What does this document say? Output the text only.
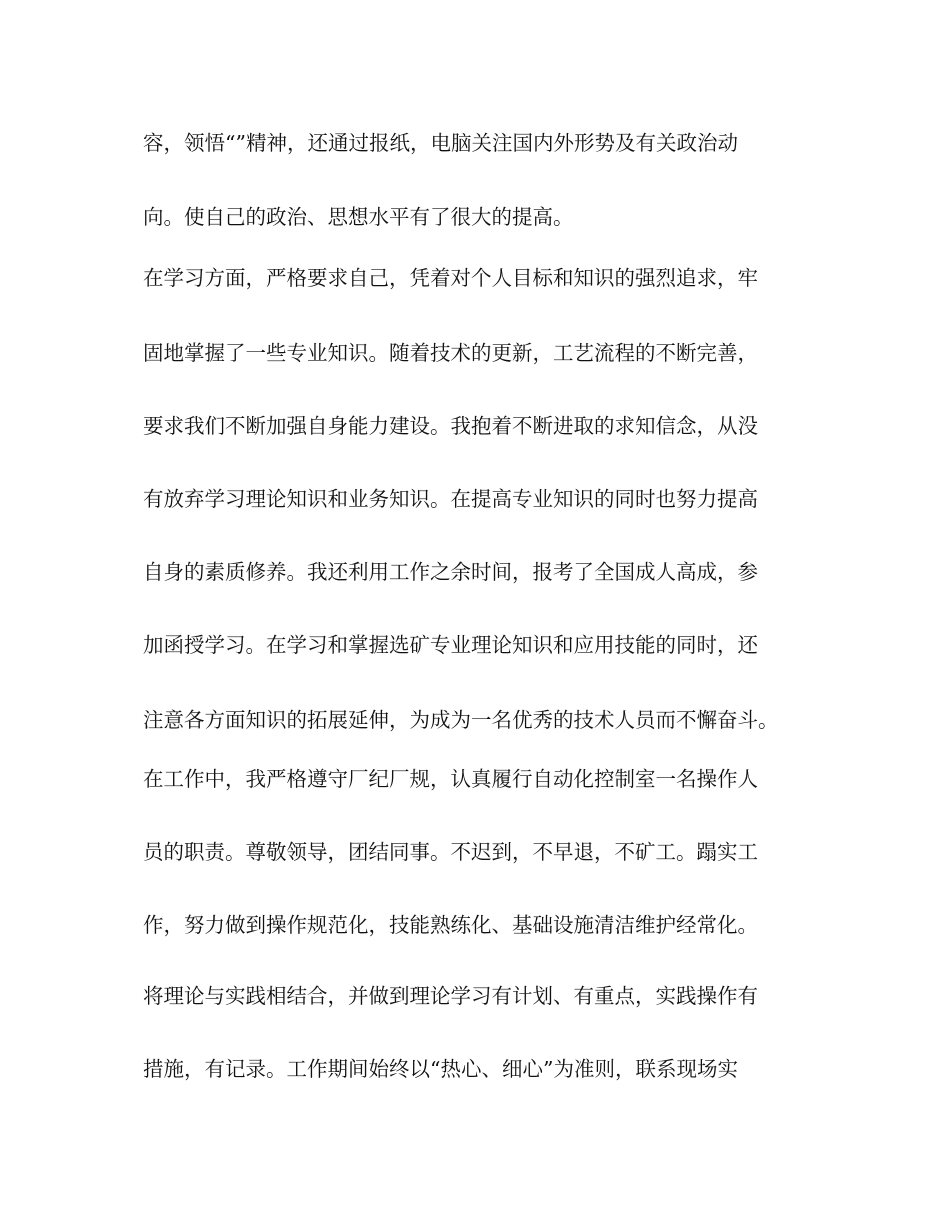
容，领悟“”精神，还通过报纸，电脑关注国内外形势及有关政治动

向。使自己的政治、思想水平有了很大的提高。

在学习方面，严格要求自己，凭着对个人目标和知识的强烈追求，牢

固地掌握了一些专业知识。随着技术的更新，工艺流程的不断完善，

要求我们不断加强自身能力建设。我抱着不断进取的求知信念，从没

有放弃学习理论知识和业务知识。在提高专业知识的同时也努力提高

自身的素质修养。我还利用工作之余时间，报考了全国成人高成，参

加函授学习。在学习和掌握选矿专业理论知识和应用技能的同时，还

注意各方面知识的拓展延伸，为成为一名优秀的技术人员而不懈奋斗。

在工作中，我严格遵守厂纪厂规，认真履行自动化控制室一名操作人

员的职责。尊敬领导，团结同事。不迟到，不早退，不矿工。蹋实工

作，努力做到操作规范化，技能熟练化、基础设施清洁维护经常化。

将理论与实践相结合，并做到理论学习有计划、有重点，实践操作有

措施，有记录。工作期间始终以“热心、细心”为准则，联系现场实
